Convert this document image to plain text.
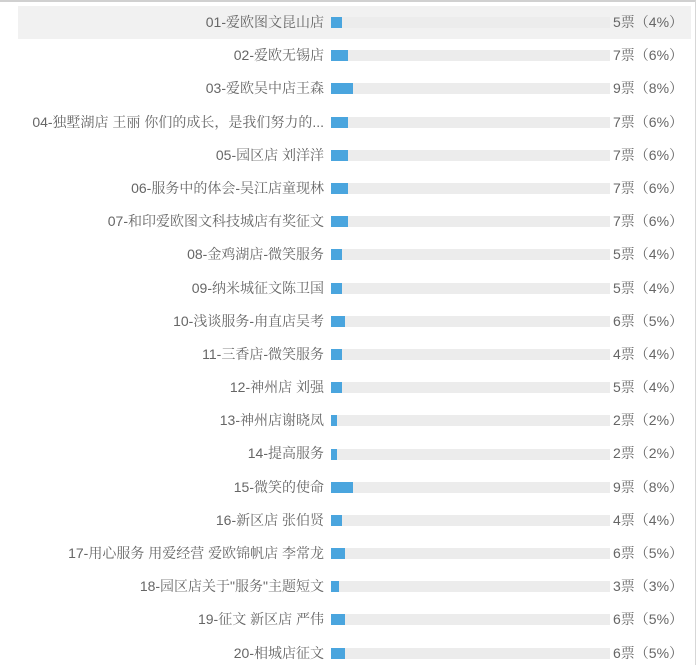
01-爱欧图文昆山店	5票（4%）
02-爱欧无锡店	7票（6%）
03-爱欧吴中店王森	9票（8%）
04-独墅湖店 王丽 你们的成长，是我们努力的...	7票（6%）
05-园区店 刘洋洋	7票（6%）
06-服务中的体会-吴江店童现林	7票（6%）
07-和印爱欧图文科技城店有奖征文	7票（6%）
08-金鸡湖店-微笑服务	5票（4%）
09-纳米城征文陈卫国	5票（4%）
10-浅谈服务-甪直店吴考	6票（5%）
11-三香店-微笑服务	4票（4%）
12-神州店 刘强	5票（4%）
13-神州店谢晓凤	2票（2%）
14-提高服务	2票（2%）
15-微笑的使命	9票（8%）
16-新区店 张伯贤	4票（4%）
17-用心服务 用爱经营 爱欧锦帆店 李常龙	6票（5%）
18-园区店关于"服务"主题短文	3票（3%）
19-征文 新区店 严伟	6票（5%）
20-相城店征文	6票（5%）
